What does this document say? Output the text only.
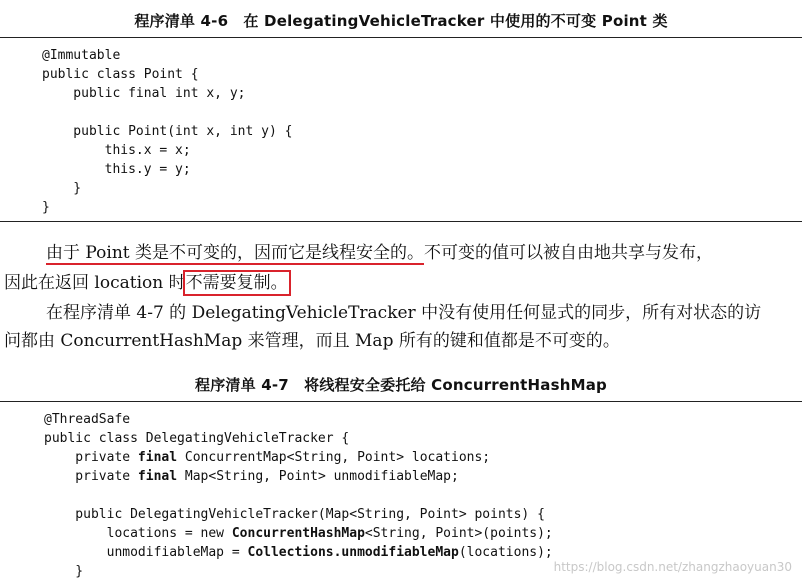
程序清单 4-6　在 DelegatingVehicleTracker 中使用的不可变 Point 类

@Immutable

public class Point {

public final int x, y;

public Point(int x, int y) {

this.x = x;

this.y = y;

}

}

由于 Point 类是不可变的，因而它是线程安全的。不可变的值可以被自由地共享与发布，
因此在返回 location 时不需要复制。
在程序清单 4-7 的 DelegatingVehicleTracker 中没有使用任何显式的同步，所有对状态的访
问都由 ConcurrentHashMap 来管理，而且 Map 所有的键和值都是不可变的。
程序清单 4-7　将线程安全委托给 ConcurrentHashMap

@ThreadSafe

public class DelegatingVehicleTracker {

private final ConcurrentMap<String, Point> locations;

private final Map<String, Point> unmodifiableMap;

public DelegatingVehicleTracker(Map<String, Point> points) {

locations = new ConcurrentHashMap<String, Point>(points);

unmodifiableMap = Collections.unmodifiableMap(locations);

}	https://blog.csdn.net/zhangzhaoyuan30
